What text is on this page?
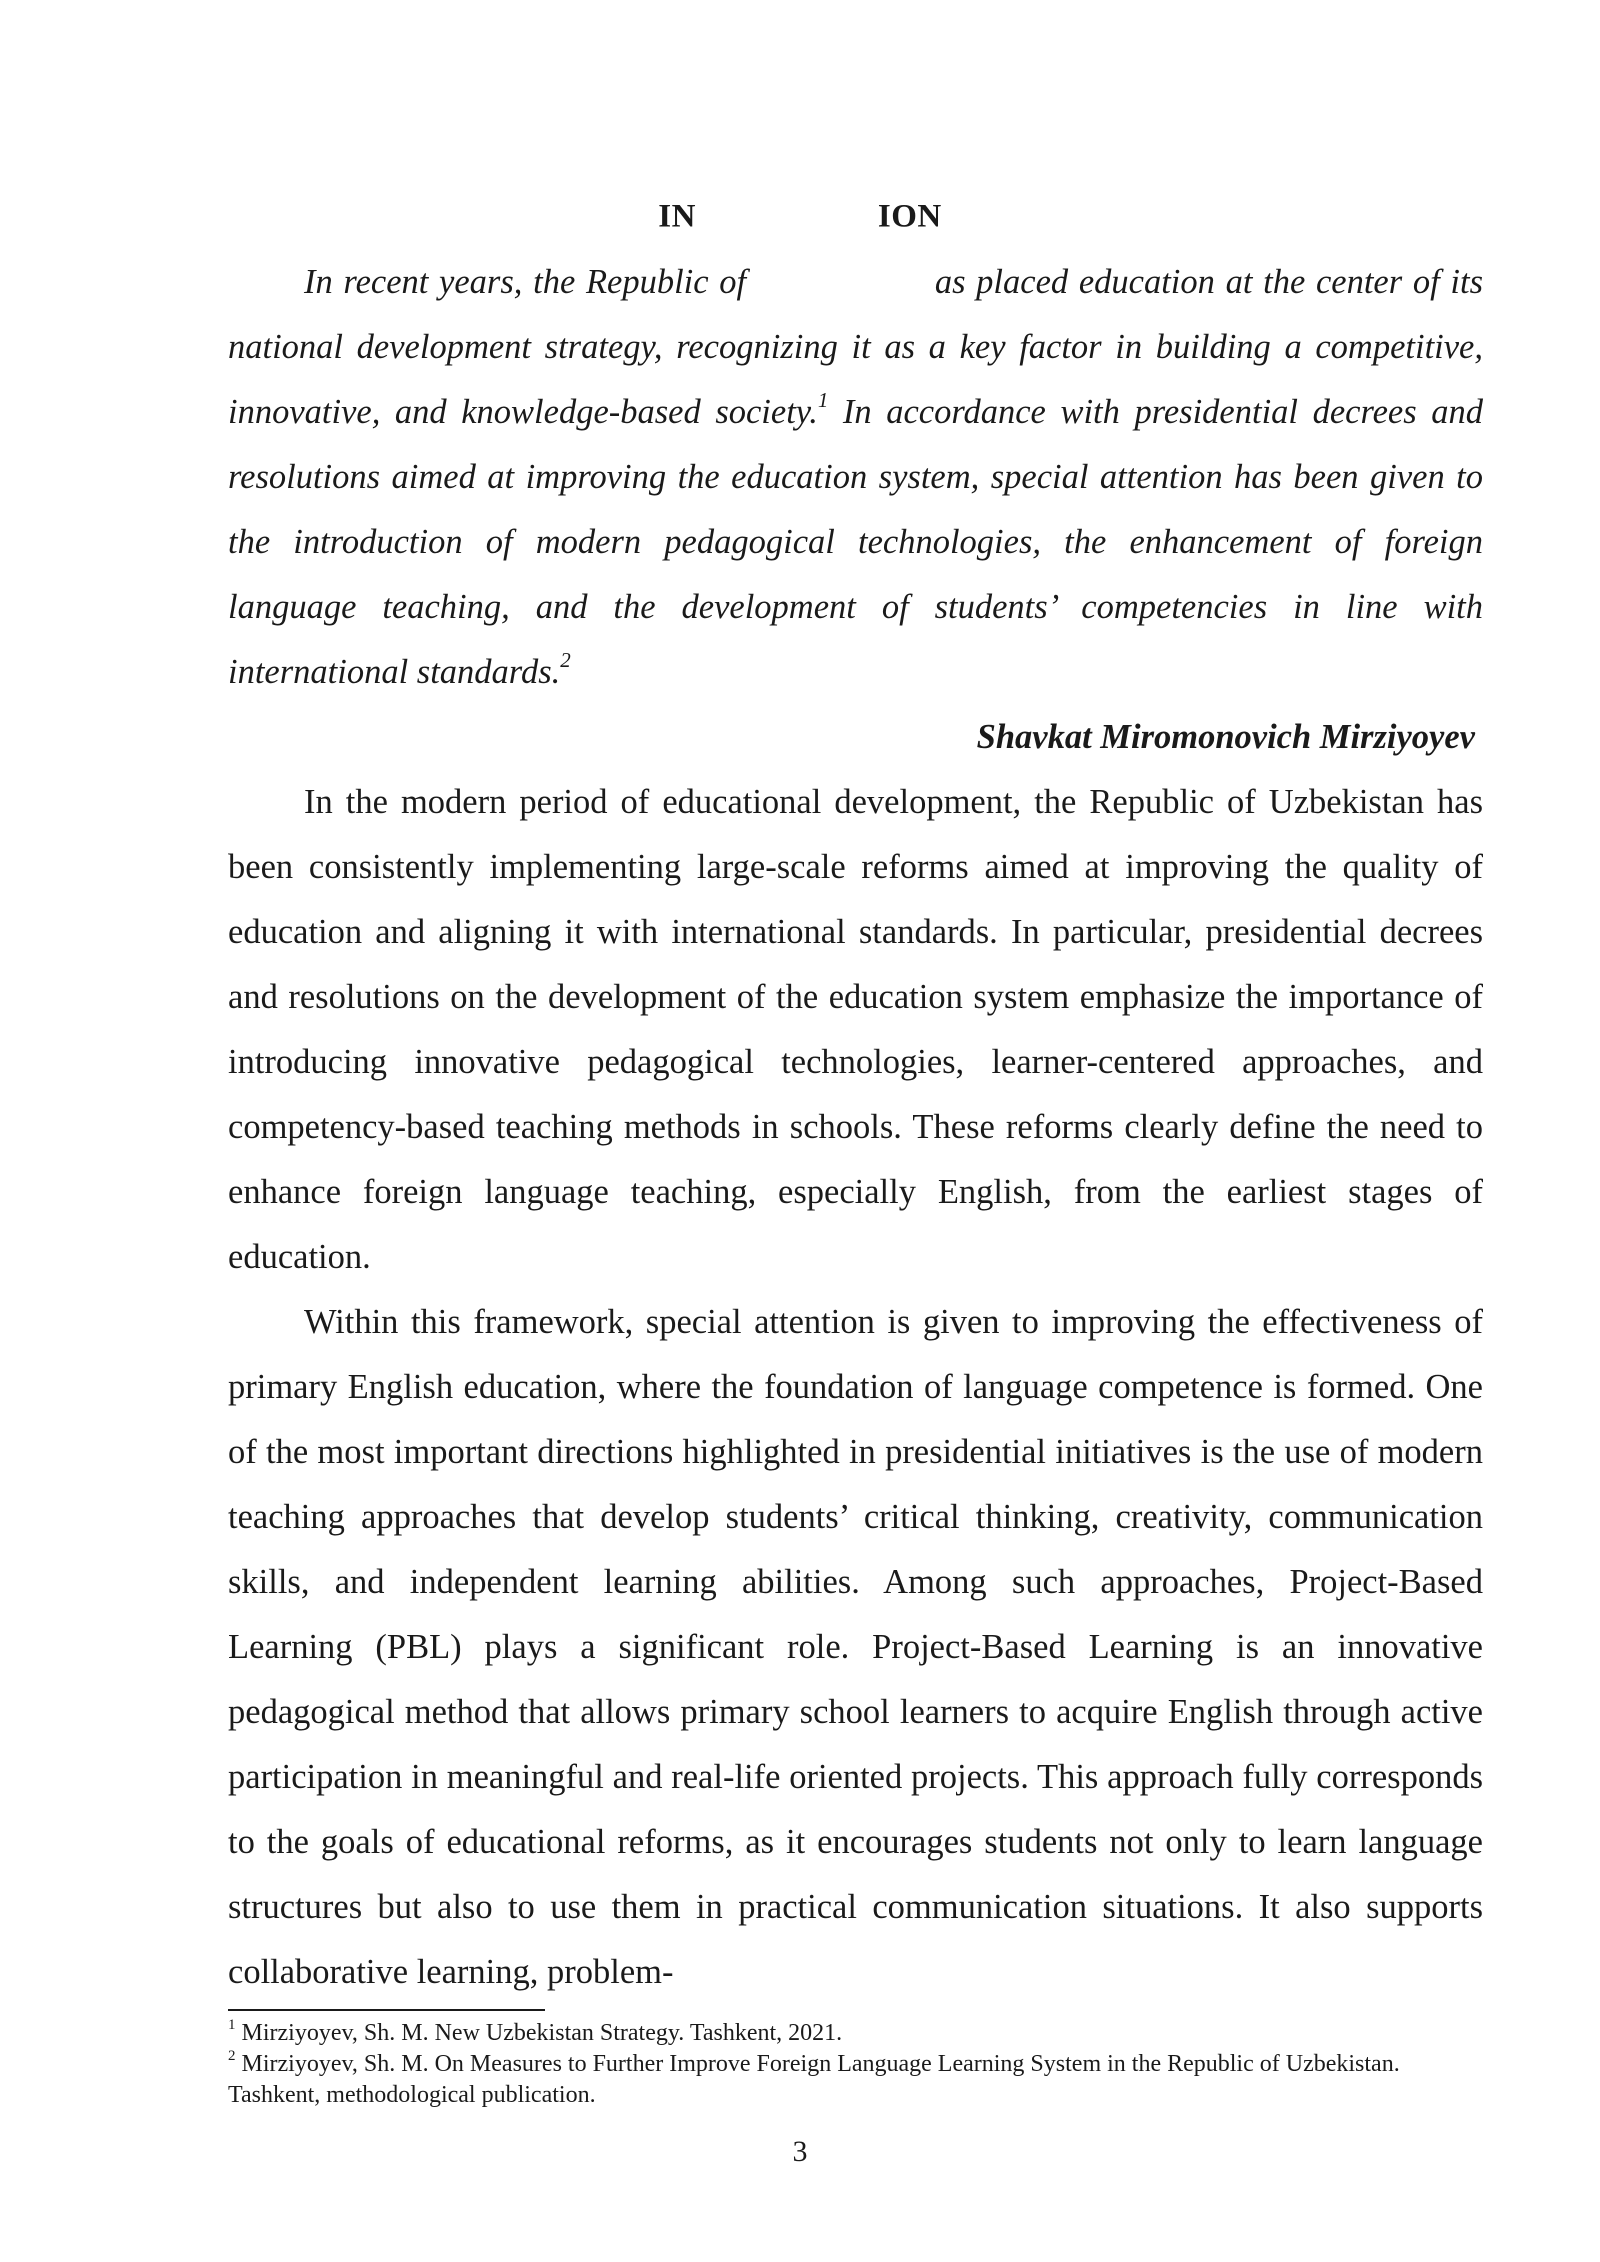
IN	ION

In recent years, the Republic of	as placed education at the center of its national development strategy, recognizing it as a key factor in building a competitive, innovative, and knowledge-based society.$^1$ In accordance with presidential decrees and resolutions aimed at improving the education system, special attention has been given to the introduction of modern pedagogical technologies, the enhancement of foreign language teaching, and the development of students’ competencies in line with international standards.$^2$

Shavkat Miromonovich Mirziyoyev

In the modern period of educational development, the Republic of Uzbekistan has been consistently implementing large-scale reforms aimed at improving the quality of education and aligning it with international standards. In particular, presidential decrees and resolutions on the development of the education system emphasize the importance of introducing innovative pedagogical technologies, learner-centered approaches, and competency-based teaching methods in schools. These reforms clearly define the need to enhance foreign language teaching, especially English, from the earliest stages of education.

Within this framework, special attention is given to improving the effectiveness of primary English education, where the foundation of language competence is formed. One of the most important directions highlighted in presidential initiatives is the use of modern teaching approaches that develop students’ critical thinking, creativity, communication skills, and independent learning abilities. Among such approaches, Project-Based Learning (PBL) plays a significant role. Project-Based Learning is an innovative pedagogical method that allows primary school learners to acquire English through active participation in meaningful and real-life oriented projects. This approach fully corresponds to the goals of educational reforms, as it encourages students not only to learn language structures but also to use them in practical communication situations. It also supports collaborative learning, problem-

$^1$ Mirziyoyev, Sh. M. New Uzbekistan Strategy. Tashkent, 2021.

$^2$ Mirziyoyev, Sh. M. On Measures to Further Improve Foreign Language Learning System in the Republic of Uzbekistan. Tashkent, methodological publication.

3
